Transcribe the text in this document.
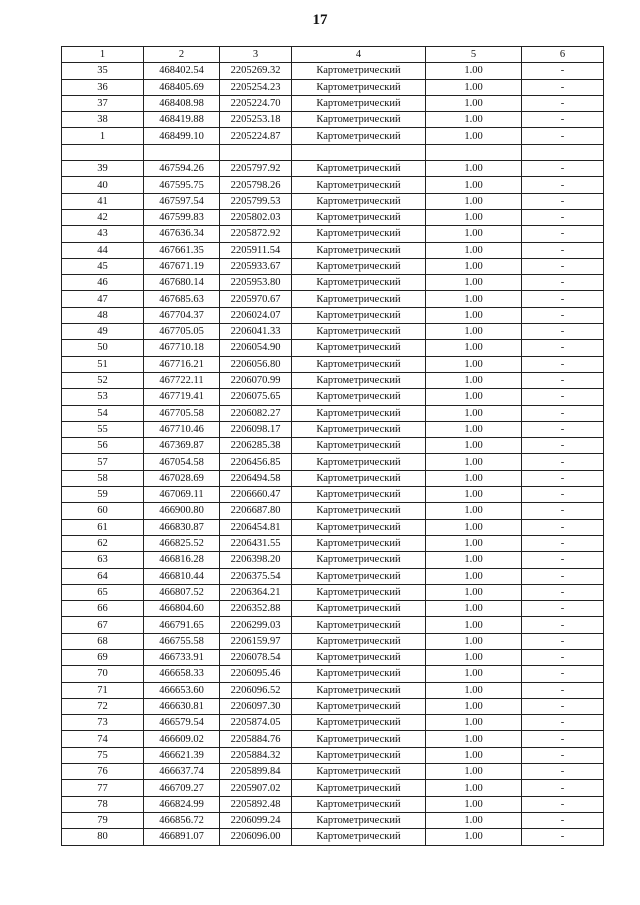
17
1	2	3	4	5	6
35	468402.54	2205269.32	Картометрический	1.00	-
36	468405.69	2205254.23	Картометрический	1.00	-
37	468408.98	2205224.70	Картометрический	1.00	-
38	468419.88	2205253.18	Картометрический	1.00	-
1	468499.10	2205224.87	Картометрический	1.00	-

39	467594.26	2205797.92	Картометрический	1.00	-
40	467595.75	2205798.26	Картометрический	1.00	-
41	467597.54	2205799.53	Картометрический	1.00	-
42	467599.83	2205802.03	Картометрический	1.00	-
43	467636.34	2205872.92	Картометрический	1.00	-
44	467661.35	2205911.54	Картометрический	1.00	-
45	467671.19	2205933.67	Картометрический	1.00	-
46	467680.14	2205953.80	Картометрический	1.00	-
47	467685.63	2205970.67	Картометрический	1.00	-
48	467704.37	2206024.07	Картометрический	1.00	-
49	467705.05	2206041.33	Картометрический	1.00	-
50	467710.18	2206054.90	Картометрический	1.00	-
51	467716.21	2206056.80	Картометрический	1.00	-
52	467722.11	2206070.99	Картометрический	1.00	-
53	467719.41	2206075.65	Картометрический	1.00	-
54	467705.58	2206082.27	Картометрический	1.00	-
55	467710.46	2206098.17	Картометрический	1.00	-
56	467369.87	2206285.38	Картометрический	1.00	-
57	467054.58	2206456.85	Картометрический	1.00	-
58	467028.69	2206494.58	Картометрический	1.00	-
59	467069.11	2206660.47	Картометрический	1.00	-
60	466900.80	2206687.80	Картометрический	1.00	-
61	466830.87	2206454.81	Картометрический	1.00	-
62	466825.52	2206431.55	Картометрический	1.00	-
63	466816.28	2206398.20	Картометрический	1.00	-
64	466810.44	2206375.54	Картометрический	1.00	-
65	466807.52	2206364.21	Картометрический	1.00	-
66	466804.60	2206352.88	Картометрический	1.00	-
67	466791.65	2206299.03	Картометрический	1.00	-
68	466755.58	2206159.97	Картометрический	1.00	-
69	466733.91	2206078.54	Картометрический	1.00	-
70	466658.33	2206095.46	Картометрический	1.00	-
71	466653.60	2206096.52	Картометрический	1.00	-
72	466630.81	2206097.30	Картометрический	1.00	-
73	466579.54	2205874.05	Картометрический	1.00	-
74	466609.02	2205884.76	Картометрический	1.00	-
75	466621.39	2205884.32	Картометрический	1.00	-
76	466637.74	2205899.84	Картометрический	1.00	-
77	466709.27	2205907.02	Картометрический	1.00	-
78	466824.99	2205892.48	Картометрический	1.00	-
79	466856.72	2206099.24	Картометрический	1.00	-
80	466891.07	2206096.00	Картометрический	1.00	-
